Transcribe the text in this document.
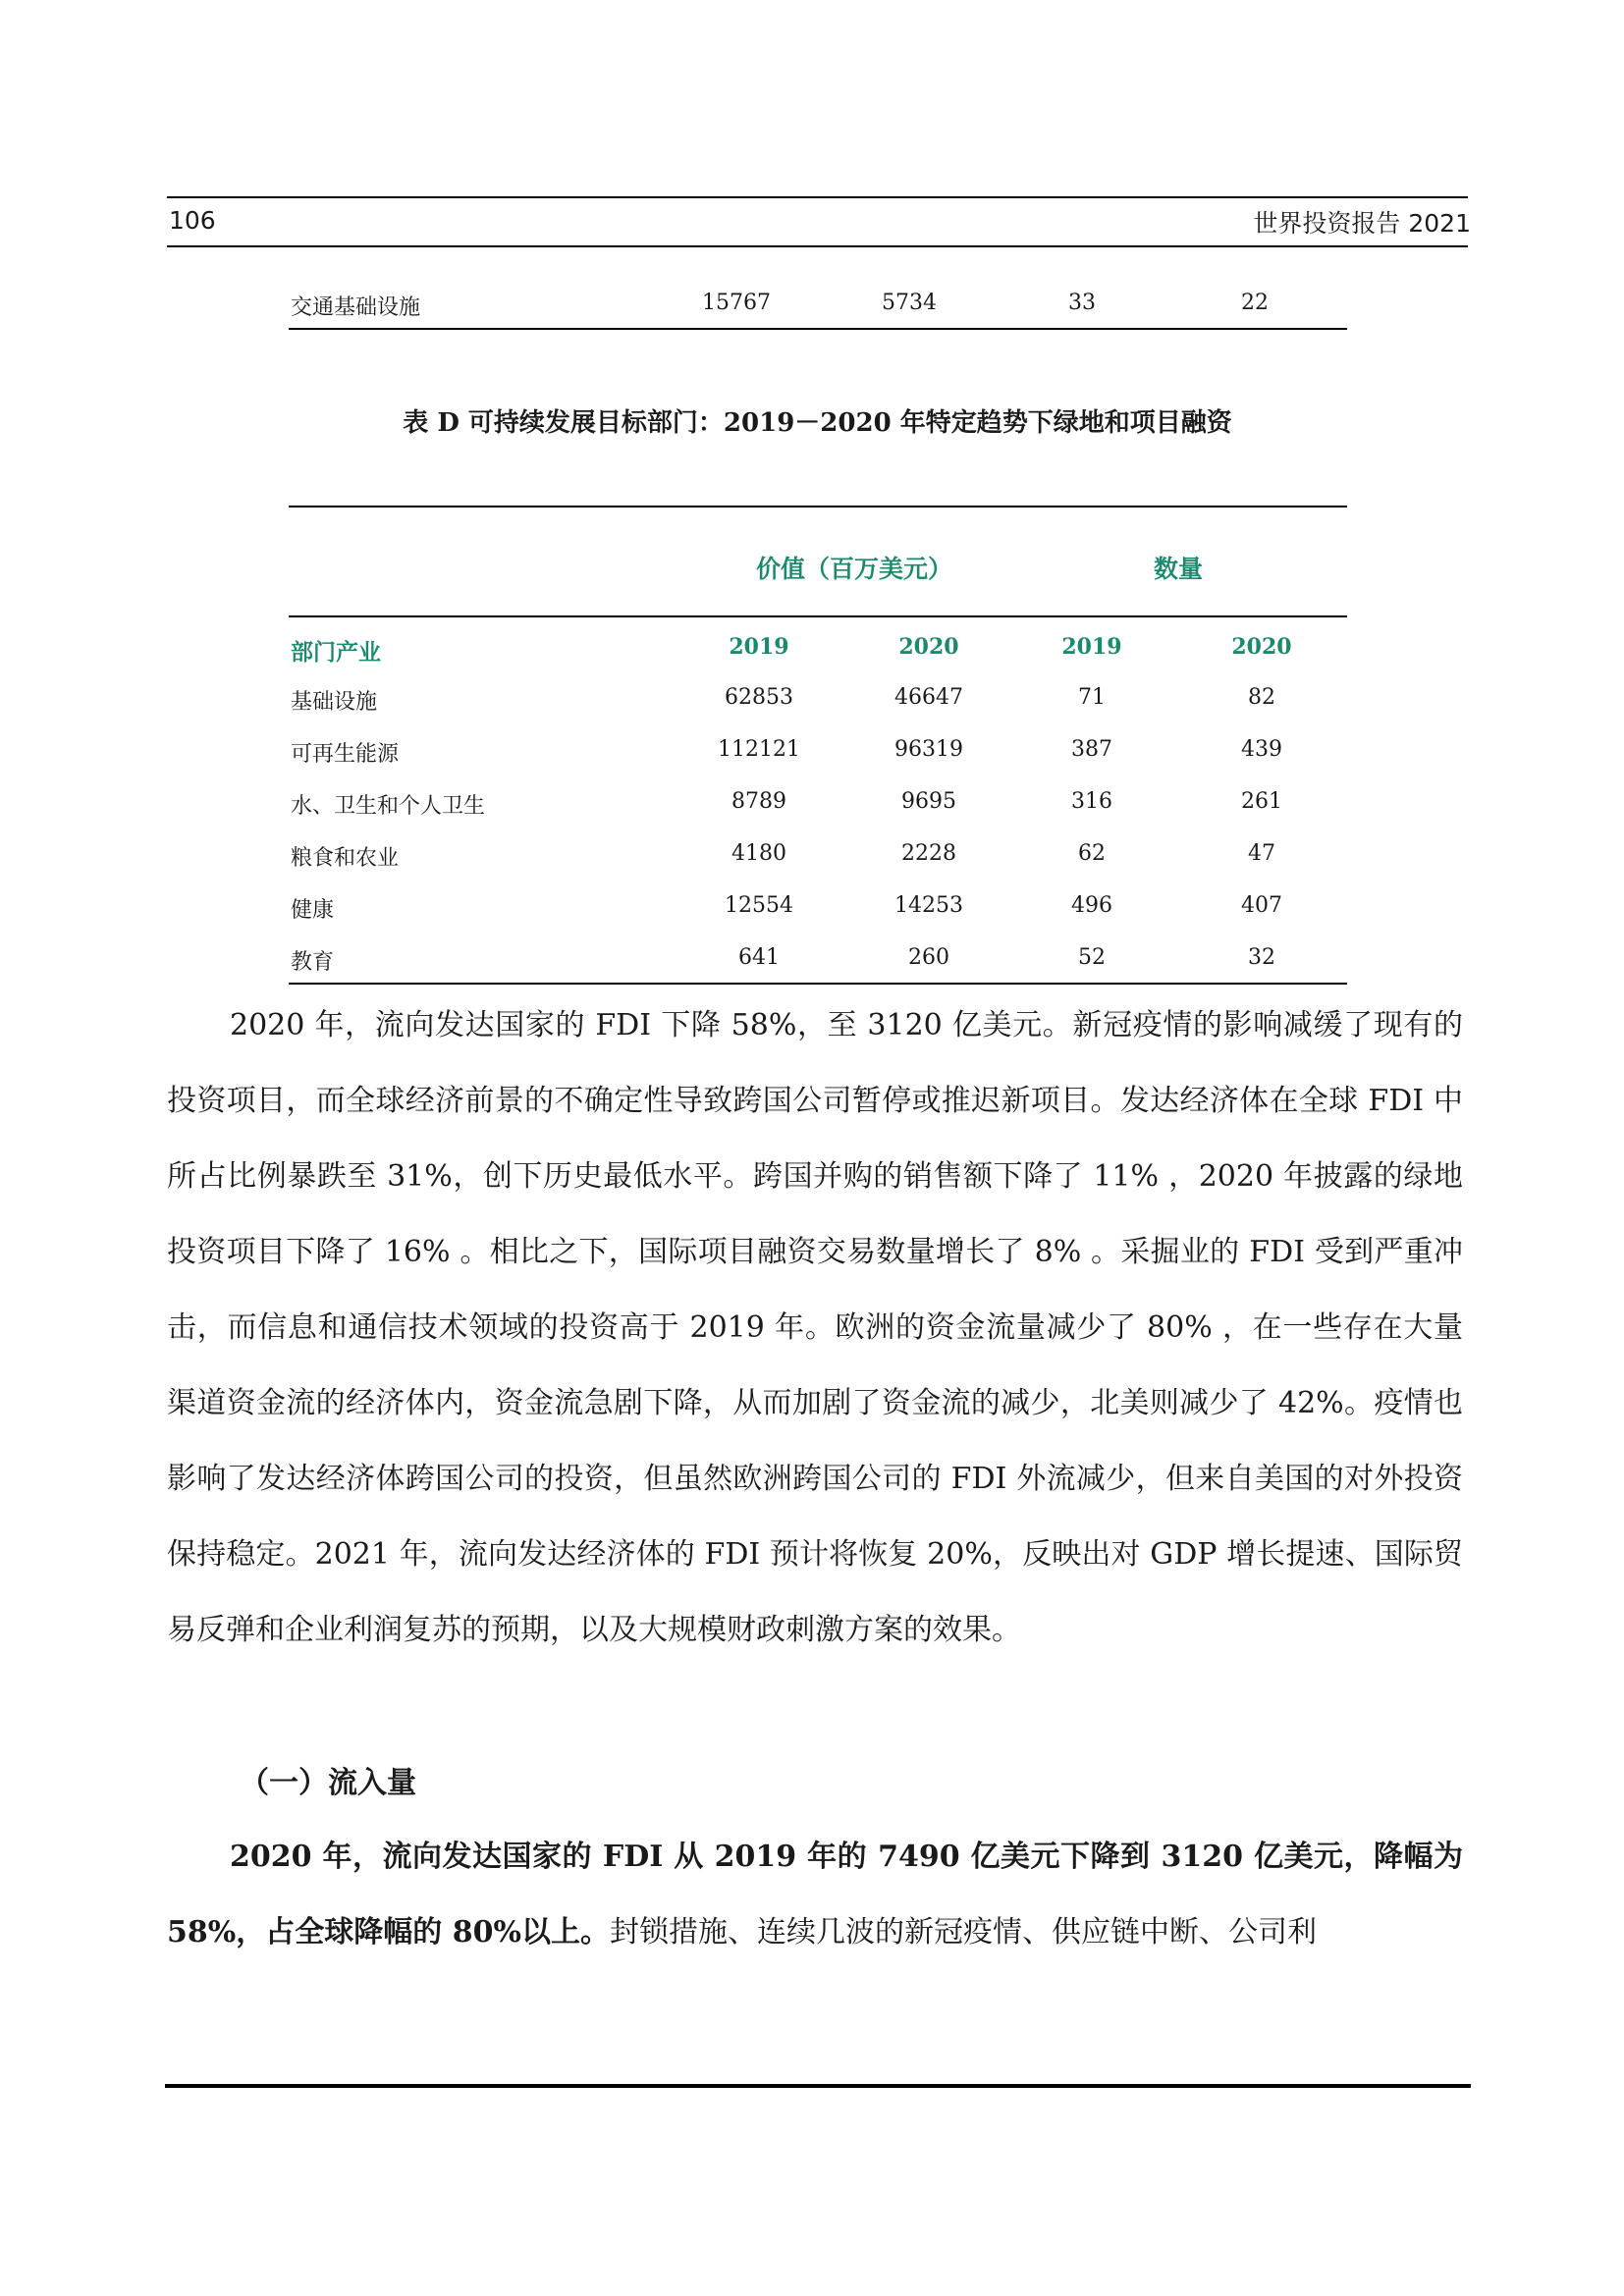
106	世界投资报告 2021
交通基础设施	15767	5734	33	22
表 D 可持续发展目标部门：2019－2020 年特定趋势下绿地和项目融资
价值（百万美元）	数量
部门产业	2019	2020	2019	2020
基础设施	62853	46647	71	82
可再生能源	112121	96319	387	439
水、卫生和个人卫生	8789	9695	316	261
粮食和农业	4180	2228	62	47
健康	12554	14253	496	407
教育	641	260	52	32

2020 年，流向发达国家的 FDI 下降 58%，至 3120 亿美元。新冠疫情的影响减缓了现有的投资项目，而全球经济前景的不确定性导致跨国公司暂停或推迟新项目。发达经济体在全球 FDI 中所占比例暴跌至 31%，创下历史最低水平。跨国并购的销售额下降了 11% ，2020 年披露的绿地投资项目下降了 16% 。相比之下，国际项目融资交易数量增长了 8% 。采掘业的 FDI 受到严重冲击，而信息和通信技术领域的投资高于 2019 年。欧洲的资金流量减少了 80% ，在一些存在大量渠道资金流的经济体内，资金流急剧下降，从而加剧了资金流的减少，北美则减少了 42%。疫情也影响了发达经济体跨国公司的投资，但虽然欧洲跨国公司的 FDI 外流减少，但来自美国的对外投资保持稳定。2021 年，流向发达经济体的 FDI 预计将恢复 20%，反映出对 GDP 增长提速、国际贸易反弹和企业利润复苏的预期，以及大规模财政刺激方案的效果。

（一）流入量

2020 年，流向发达国家的 FDI 从 2019 年的 7490 亿美元下降到 3120 亿美元，降幅为 58%，占全球降幅的 80%以上。封锁措施、连续几波的新冠疫情、供应链中断、公司利
